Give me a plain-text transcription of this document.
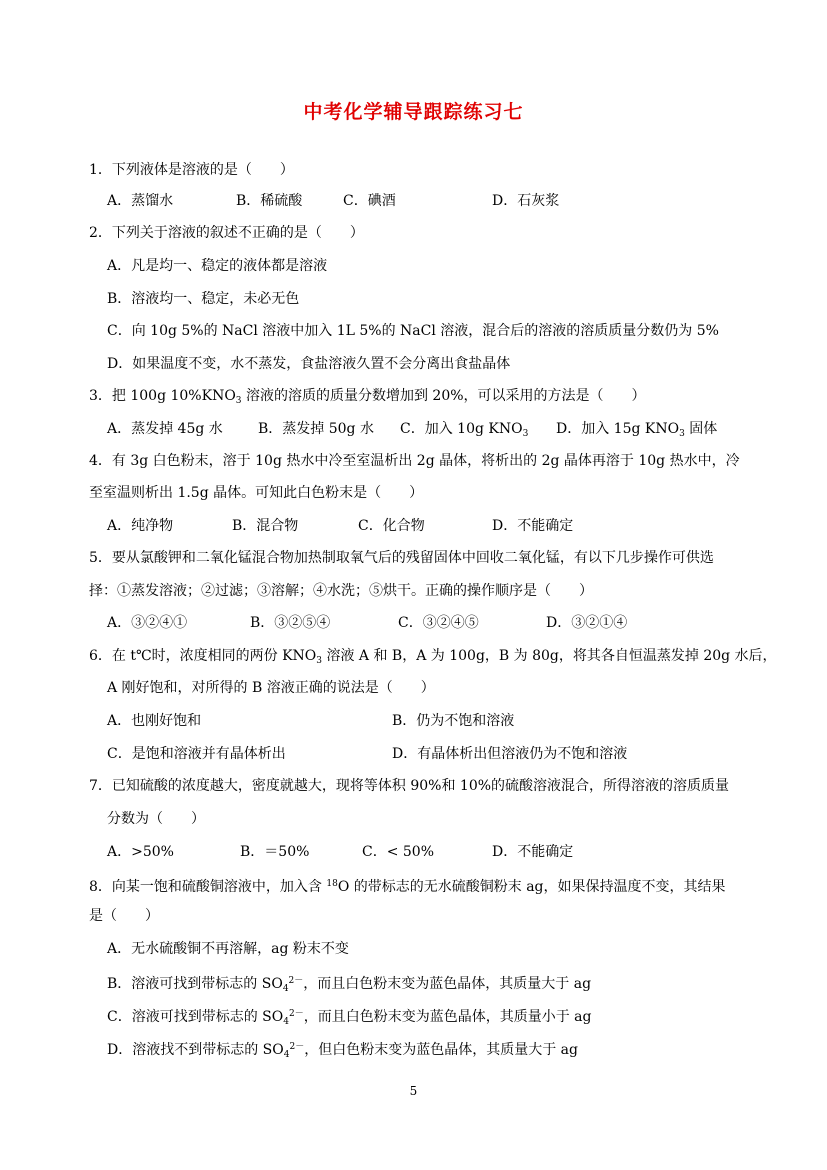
中考化学辅导跟踪练习七
1．下列液体是溶液的是（　　）
A．蒸馏水	B．稀硫酸	C．碘酒	D．石灰浆
2．下列关于溶液的叙述不正确的是（　　）
A．凡是均一、稳定的液体都是溶液
B．溶液均一、稳定，未必无色
C．向 10g 5%的 NaCl 溶液中加入 1L 5%的 NaCl 溶液，混合后的溶液的溶质质量分数仍为 5%
D．如果温度不变，水不蒸发，食盐溶液久置不会分离出食盐晶体
3．把 100g $10\%KNO_3$ 溶液的溶质的质量分数增加到 20%，可以采用的方法是（　　）
A．蒸发掉 45g 水	B．蒸发掉 50g 水 C．加入 10g $KNO_3$ D．加入 15g $KNO_3$ 固体
4．有 3g 白色粉末，溶于 10g 热水中冷至室温析出 2g 晶体，将析出的 2g 晶体再溶于 10g 热水中，冷
至室温则析出 1.5g 晶体。可知此白色粉末是（　　）
A．纯净物	B．混合物	C．化合物	D．不能确定
5．要从氯酸钾和二氧化锰混合物加热制取氧气后的残留固体中回收二氧化锰，有以下几步操作可供选
择：①蒸发溶液；②过滤；③溶解；④水洗；⑤烘干。正确的操作顺序是（　　）
A．③②④①	B．③②⑤④	C．③②④⑤	D．③②①④
6．在 t℃时，浓度相同的两份 $KNO_3$ 溶液 A 和 B，A 为 100g，B 为 80g，将其各自恒温蒸发掉 20g 水后，
A 刚好饱和，对所得的 B 溶液正确的说法是（　　）
A．也刚好饱和	B．仍为不饱和溶液
C．是饱和溶液并有晶体析出	D．有晶体析出但溶液仍为不饱和溶液
7．已知硫酸的浓度越大，密度就越大，现将等体积 90%和 10%的硫酸溶液混合，所得溶液的溶质质量
分数为（　　）
A．>50%	B．＝50%	C．< 50%	D．不能确定
8．向某一饱和硫酸铜溶液中，加入含 $^{18}$O 的带标志的无水硫酸铜粉末 ag，如果保持温度不变，其结果
是（　　）
A．无水硫酸铜不再溶解，ag 粉末不变
B．溶液可找到带标志的 $SO_4^{2-}$，而且白色粉末变为蓝色晶体，其质量大于 ag
C．溶液可找到带标志的 $SO_4^{2-}$，而且白色粉末变为蓝色晶体，其质量小于 ag
D．溶液找不到带标志的 $SO_4^{2-}$，但白色粉末变为蓝色晶体，其质量大于 ag
5
